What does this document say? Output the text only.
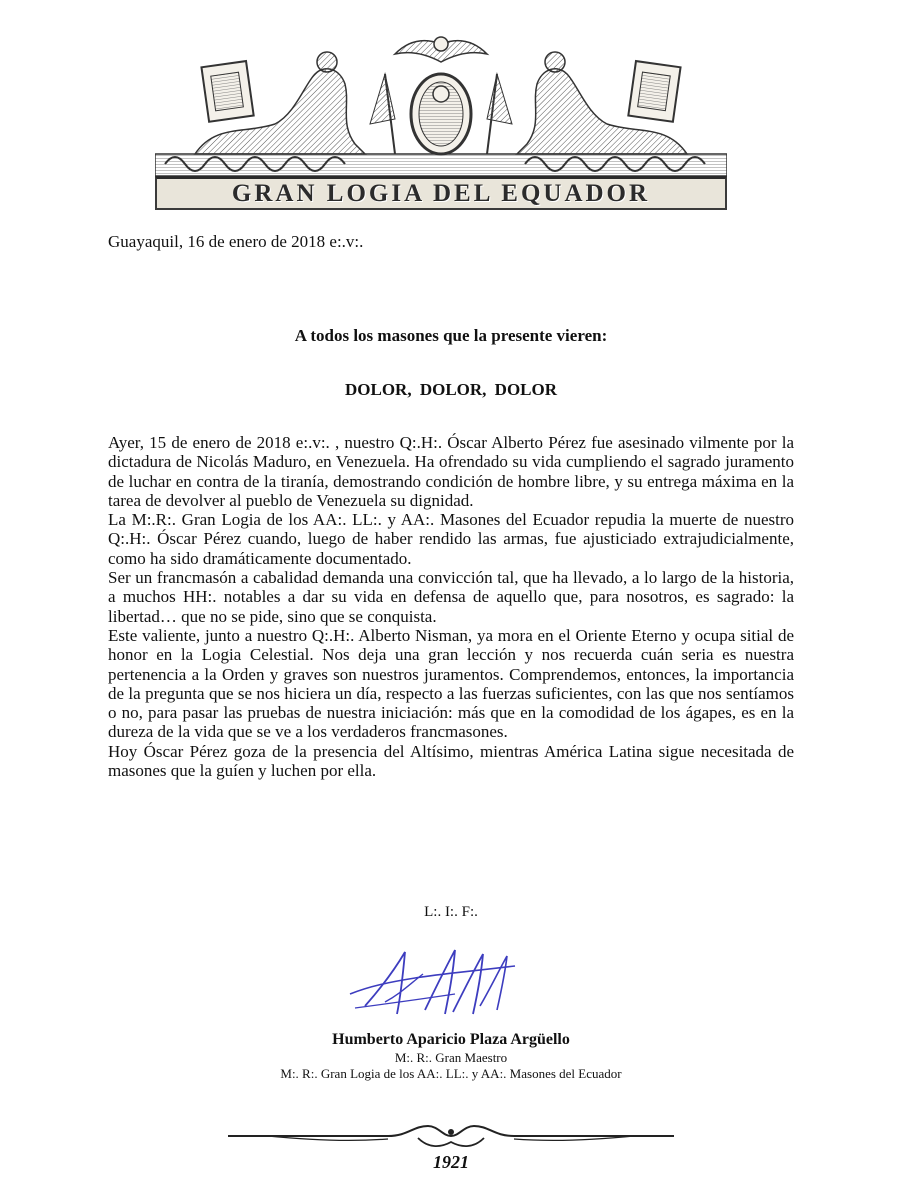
GRAN LOGIA DEL EQUADOR
Guayaquil, 16 de enero de 2018 e:.v:.
A todos los masones que la presente vieren:
DOLOR, DOLOR, DOLOR

Ayer, 15 de enero de 2018 e:.v:. , nuestro Q:.H:. Óscar Alberto Pérez fue asesinado vilmente por la dictadura de Nicolás Maduro, en Venezuela. Ha ofrendado su vida cumpliendo el sagrado juramento de luchar en contra de la tiranía, demostrando condición de hombre libre, y su entrega máxima en la tarea de devolver al pueblo de Venezuela su dignidad.

La M:.R:. Gran Logia de los AA:. LL:. y AA:. Masones del Ecuador repudia la muerte de nuestro Q:.H:. Óscar Pérez cuando, luego de haber rendido las armas, fue ajusticiado extrajudicialmente, como ha sido dramáticamente documentado.

Ser un francmasón a cabalidad demanda una convicción tal, que ha llevado, a lo largo de la historia, a muchos HH:. notables a dar su vida en defensa de aquello que, para nosotros, es sagrado: la libertad… que no se pide, sino que se conquista.

Este valiente, junto a nuestro Q:.H:. Alberto Nisman, ya mora en el Oriente Eterno y ocupa sitial de honor en la Logia Celestial. Nos deja una gran lección y nos recuerda cuán seria es nuestra pertenencia a la Orden y graves son nuestros juramentos. Comprendemos, entonces, la importancia de la pregunta que se nos hiciera un día, respecto a las fuerzas suficientes, con las que nos sentíamos o no, para pasar las pruebas de nuestra iniciación: más que en la comodidad de los ágapes, es en la dureza de la vida que se ve a los verdaderos francmasones.

Hoy Óscar Pérez goza de la presencia del Altísimo, mientras América Latina sigue necesitada de masones que la guíen y luchen por ella.

L:. I:. F:.
Humberto Aparicio Plaza Argüello
M:. R:. Gran Maestro
M:. R:. Gran Logia de los AA:. LL:. y AA:. Masones del Ecuador
1921
